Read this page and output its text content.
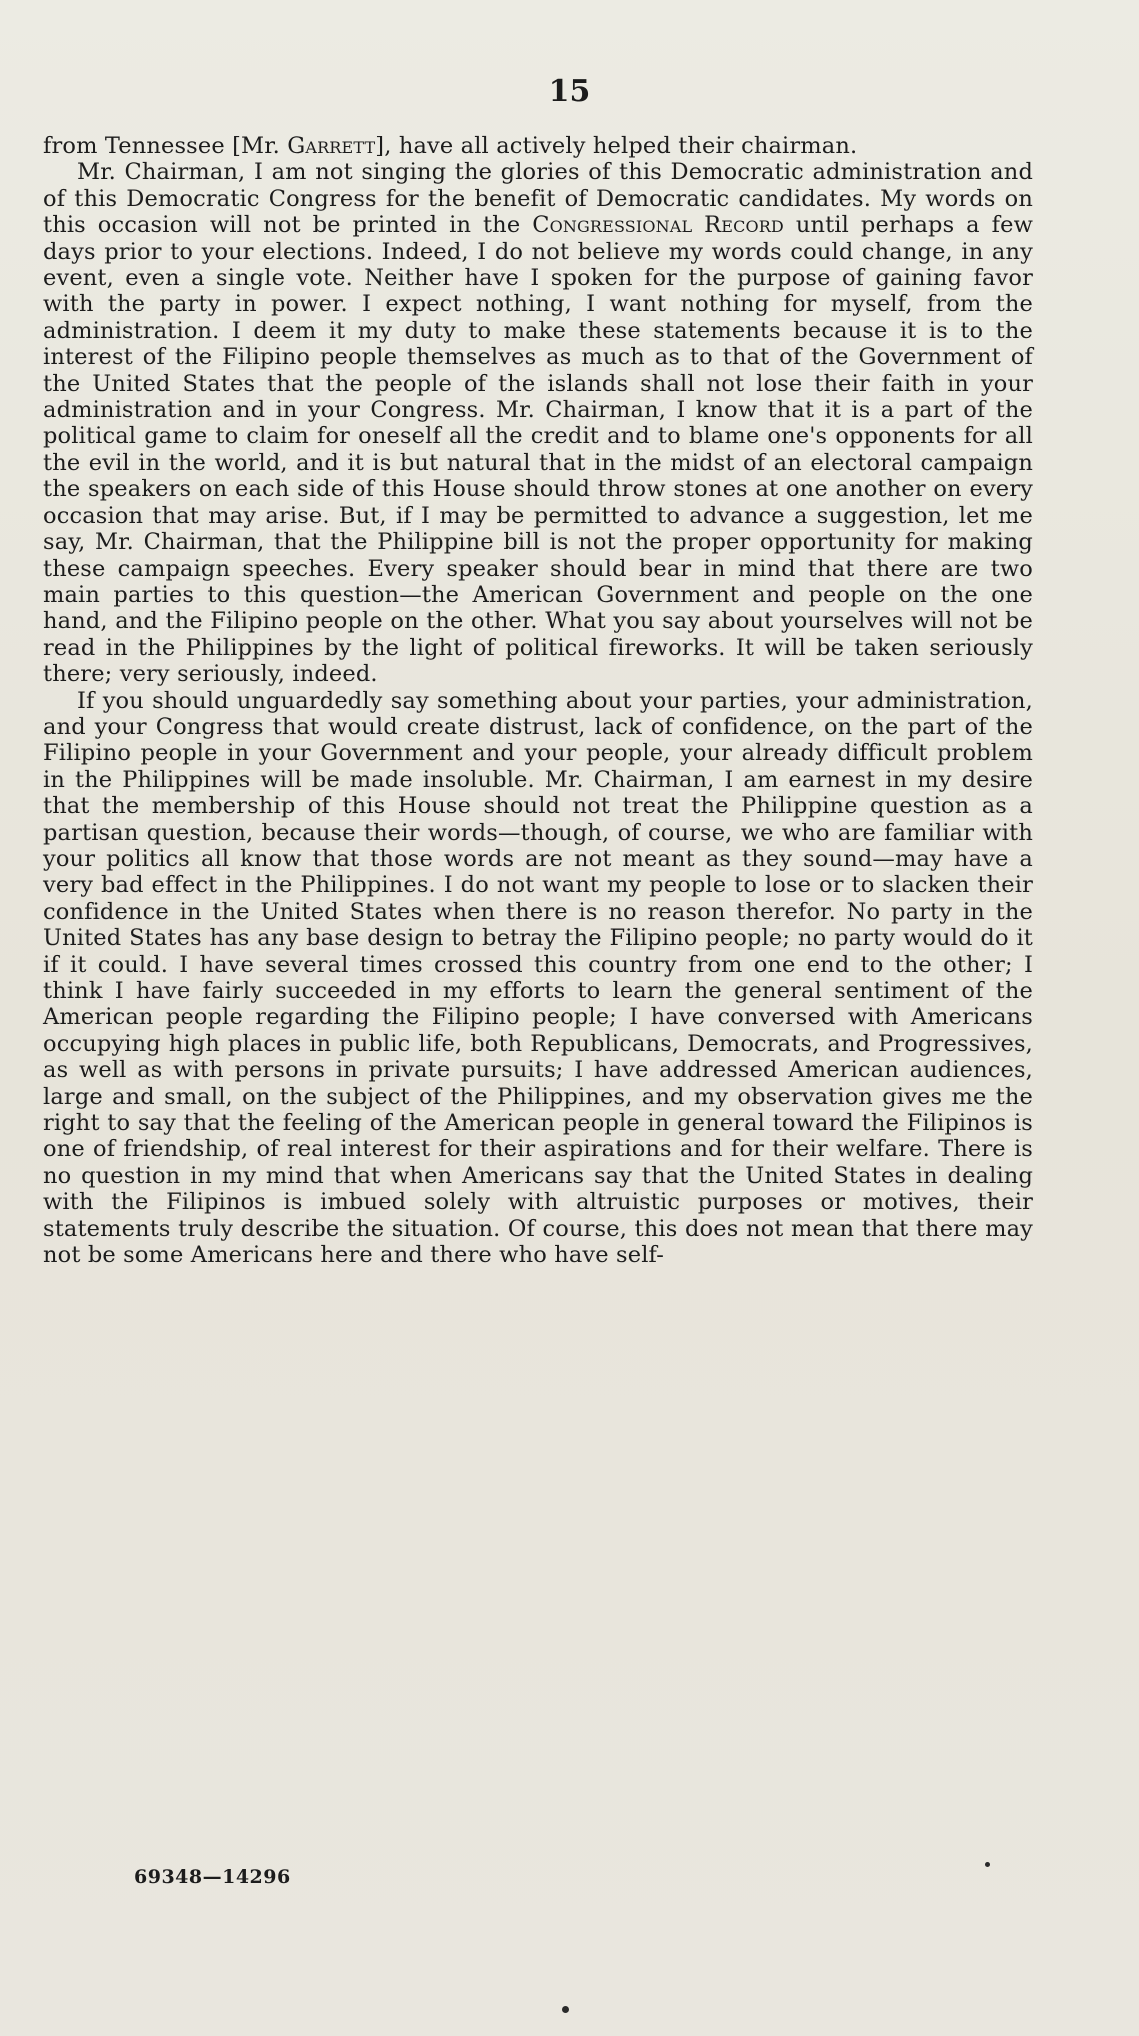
15

from Tennessee [Mr. Garrett], have all actively helped their chairman.

Mr. Chairman, I am not singing the glories of this Democratic administration and of this Democratic Congress for the benefit of Democratic candidates. My words on this occasion will not be printed in the Congressional Record until perhaps a few days prior to your elections. Indeed, I do not believe my words could change, in any event, even a single vote. Neither have I spoken for the purpose of gaining favor with the party in power. I expect nothing, I want nothing for myself, from the administration. I deem it my duty to make these statements because it is to the interest of the Filipino people themselves as much as to that of the Government of the United States that the people of the islands shall not lose their faith in your administration and in your Congress. Mr. Chairman, I know that it is a part of the political game to claim for oneself all the credit and to blame one's opponents for all the evil in the world, and it is but natural that in the midst of an electoral campaign the speakers on each side of this House should throw stones at one another on every occasion that may arise. But, if I may be permitted to advance a suggestion, let me say, Mr. Chairman, that the Philippine bill is not the proper opportunity for making these campaign speeches. Every speaker should bear in mind that there are two main parties to this question—the American Government and people on the one hand, and the Filipino people on the other. What you say about yourselves will not be read in the Philippines by the light of political fireworks. It will be taken seriously there; very seriously, indeed.

If you should unguardedly say something about your parties, your administration, and your Congress that would create distrust, lack of confidence, on the part of the Filipino people in your Government and your people, your already difficult problem in the Philippines will be made insoluble. Mr. Chairman, I am earnest in my desire that the membership of this House should not treat the Philippine question as a partisan question, because their words—though, of course, we who are familiar with your politics all know that those words are not meant as they sound—may have a very bad effect in the Philippines. I do not want my people to lose or to slacken their confidence in the United States when there is no reason therefor. No party in the United States has any base design to betray the Filipino people; no party would do it if it could. I have several times crossed this country from one end to the other; I think I have fairly succeeded in my efforts to learn the general sentiment of the American people regarding the Filipino people; I have conversed with Americans occupying high places in public life, both Republicans, Democrats, and Progressives, as well as with persons in private pursuits; I have addressed American audiences, large and small, on the subject of the Philippines, and my observation gives me the right to say that the feeling of the American people in general toward the Filipinos is one of friendship, of real interest for their aspirations and for their welfare. There is no question in my mind that when Americans say that the United States in dealing with the Filipinos is imbued solely with altruistic purposes or motives, their statements truly describe the situation. Of course, this does not mean that there may not be some Americans here and there who have self-

69348—14296
